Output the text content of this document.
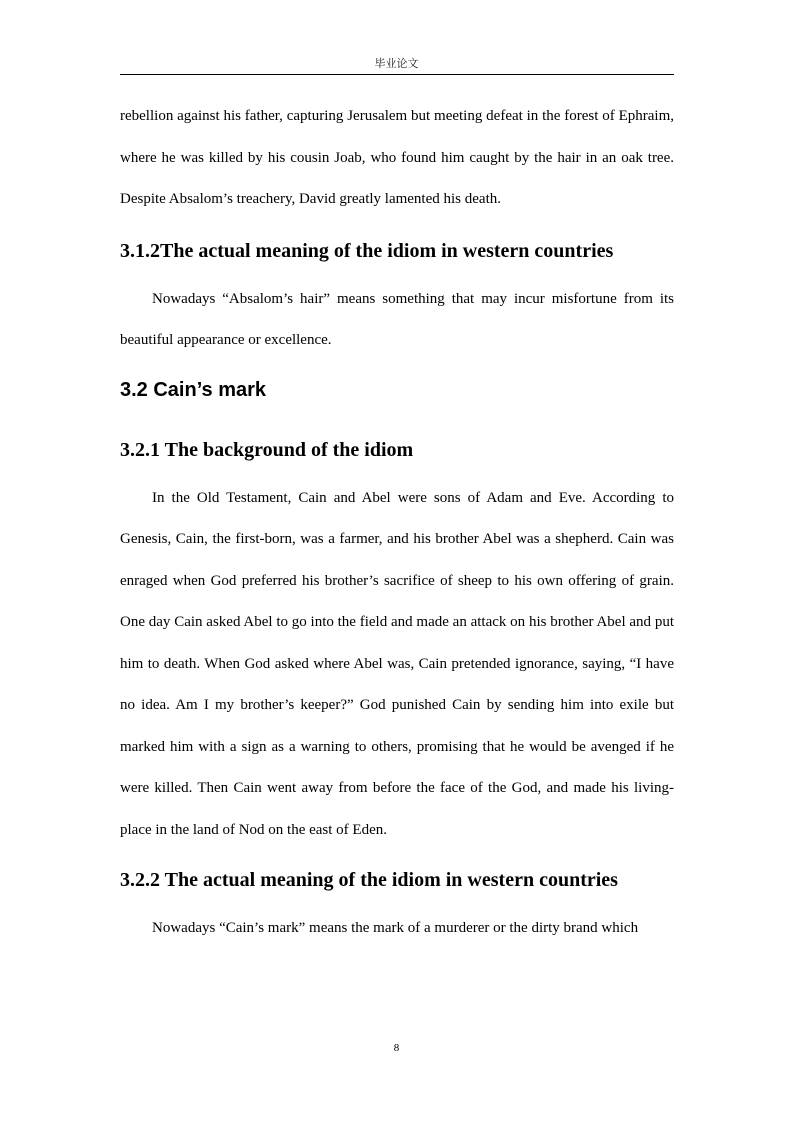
毕业论文

rebellion against his father, capturing Jerusalem but meeting defeat in the forest of Ephraim, where he was killed by his cousin Joab, who found him caught by the hair in an oak tree. Despite Absalom’s treachery, David greatly lamented his death.

3.1.2The actual meaning of the idiom in western countries

Nowadays “Absalom’s hair” means something that may incur misfortune from its beautiful appearance or excellence.

3.2 Cain’s mark
3.2.1 The background of the idiom

In the Old Testament, Cain and Abel were sons of Adam and Eve. According to Genesis, Cain, the first-born, was a farmer, and his brother Abel was a shepherd. Cain was enraged when God preferred his brother’s sacrifice of sheep to his own offering of grain. One day Cain asked Abel to go into the field and made an attack on his brother Abel and put him to death. When God asked where Abel was, Cain pretended ignorance, saying, “I have no idea. Am I my brother’s keeper?” God punished Cain by sending him into exile but marked him with a sign as a warning to others, promising that he would be avenged if he were killed. Then Cain went away from before the face of the God, and made his living-place in the land of Nod on the east of Eden.

3.2.2 The actual meaning of the idiom in western countries

Nowadays “Cain’s mark” means the mark of a murderer or the dirty brand which

8
